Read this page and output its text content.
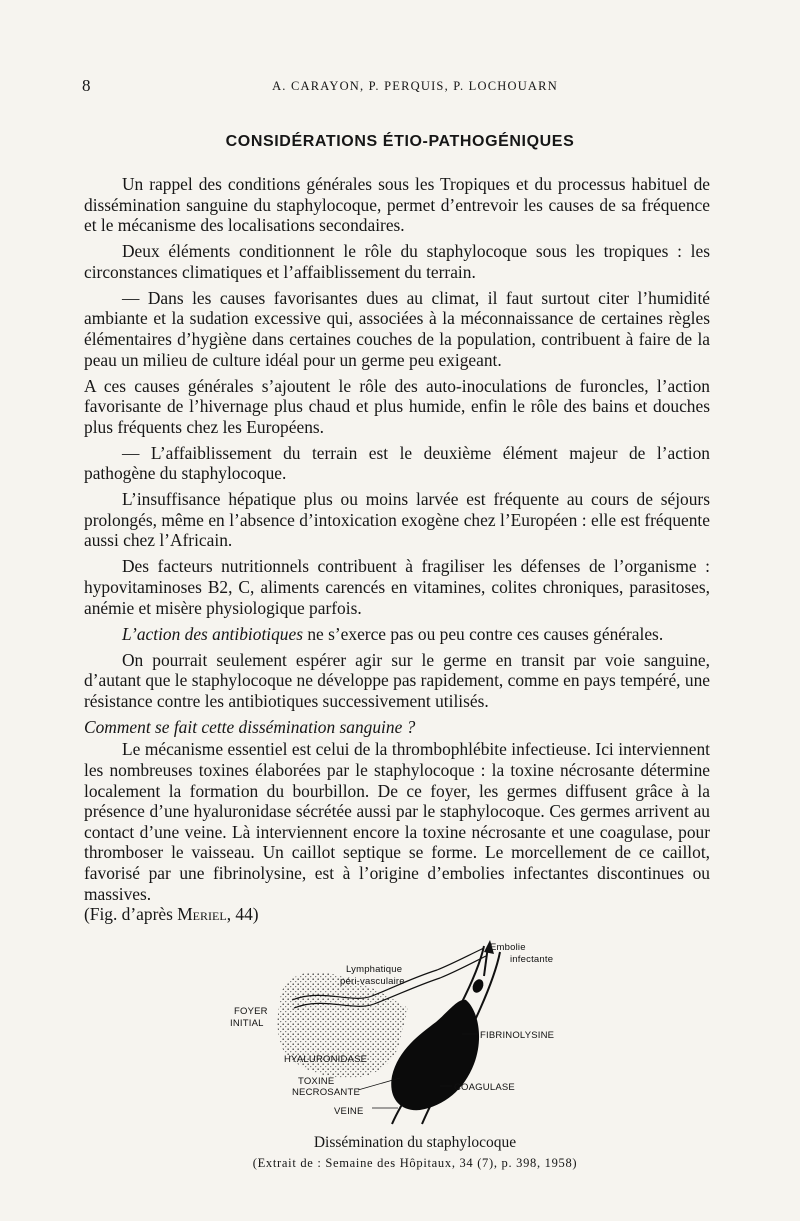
8	A. CARAYON, P. PERQUIS, P. LOCHOUARN
CONSIDÉRATIONS ÉTIO-PATHOGÉNIQUES

Un rappel des conditions générales sous les Tropiques et du processus habituel de dissémination sanguine du staphylocoque, permet d’entrevoir les causes de sa fréquence et le mécanisme des localisations secondaires.

Deux éléments conditionnent le rôle du staphylocoque sous les tropiques : les circonstances climatiques et l’affaiblissement du terrain.

— Dans les causes favorisantes dues au climat, il faut surtout citer l’humidité ambiante et la sudation excessive qui, associées à la méconnaissance de certaines règles élémentaires d’hygiène dans certaines couches de la population, contribuent à faire de la peau un milieu de culture idéal pour un germe peu exigeant.

A ces causes générales s’ajoutent le rôle des auto-inoculations de furoncles, l’action favorisante de l’hivernage plus chaud et plus humide, enfin le rôle des bains et douches plus fréquents chez les Européens.

— L’affaiblissement du terrain est le deuxième élément majeur de l’action pathogène du staphylocoque.

L’insuffisance hépatique plus ou moins larvée est fréquente au cours de séjours prolongés, même en l’absence d’intoxication exogène chez l’Européen : elle est fréquente aussi chez l’Africain.

Des facteurs nutritionnels contribuent à fragiliser les défenses de l’organisme : hypovitaminoses B2, C, aliments carencés en vitamines, colites chroniques, parasitoses, anémie et misère physiologique parfois.

L’action des antibiotiques ne s’exerce pas ou peu contre ces causes générales.

On pourrait seulement espérer agir sur le germe en transit par voie sanguine, d’autant que le staphylocoque ne développe pas rapidement, comme en pays tempéré, une résistance contre les antibiotiques successivement utilisés.

Comment se fait cette dissémination sanguine ?

Le mécanisme essentiel est celui de la thrombophlébite infectieuse. Ici interviennent les nombreuses toxines élaborées par le staphylocoque : la toxine nécrosante détermine localement la formation du bourbillon. De ce foyer, les germes diffusent grâce à la présence d’une hyaluronidase sécrétée aussi par le staphylocoque. Ces germes arrivent au contact d’une veine. Là interviennent encore la toxine nécrosante et une coagulase, pour thromboser le vaisseau. Un caillot septique se forme. Le morcellement de ce caillot, favorisé par une fibrinolysine, est à l’origine d’embolies infectantes discontinues ou massives.

(Fig. d’après Meriel, 44)

Embolie
infectante
Lymphatique
péri-vasculaire
FOYER
INITIAL
FIBRINOLYSINE
HYALURONIDASE
TOXINE
NECROSANTE	COAGULASE
VEINE
Dissémination du staphylocoque
(Extrait de : Semaine des Hôpitaux, 34 (7), p. 398, 1958)
